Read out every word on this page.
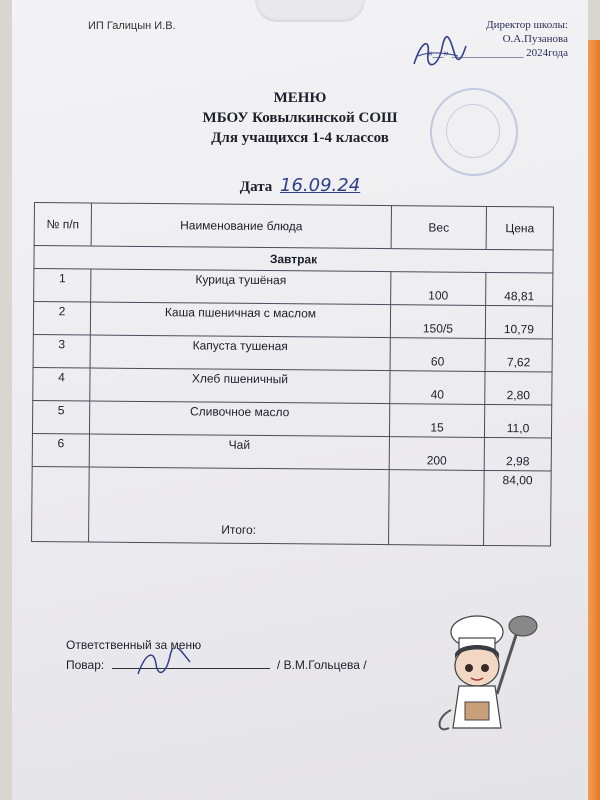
ИП Галицын И.В.	Директор школы:
О.А.Пузанова
«__» _____________ 2024года
МЕНЮ
МБОУ Ковылкинской СОШ
Для учащихся 1-4 классов
Дата 16.09.24
№ п/п	Наименование блюда	Вес	Цена
Завтрак			
1	Курица тушёная	100	48,81
2	Каша пшеничная с маслом	150/5	10,79
3	Капуста тушеная	60	7,62
4	Хлеб пшеничный	40	2,80
5	Сливочное масло	15	11,0
6	Чай	200	2,98
	Итого:		84,00
Ответственный за меню
Повар:	/ В.М.Гольцева /
